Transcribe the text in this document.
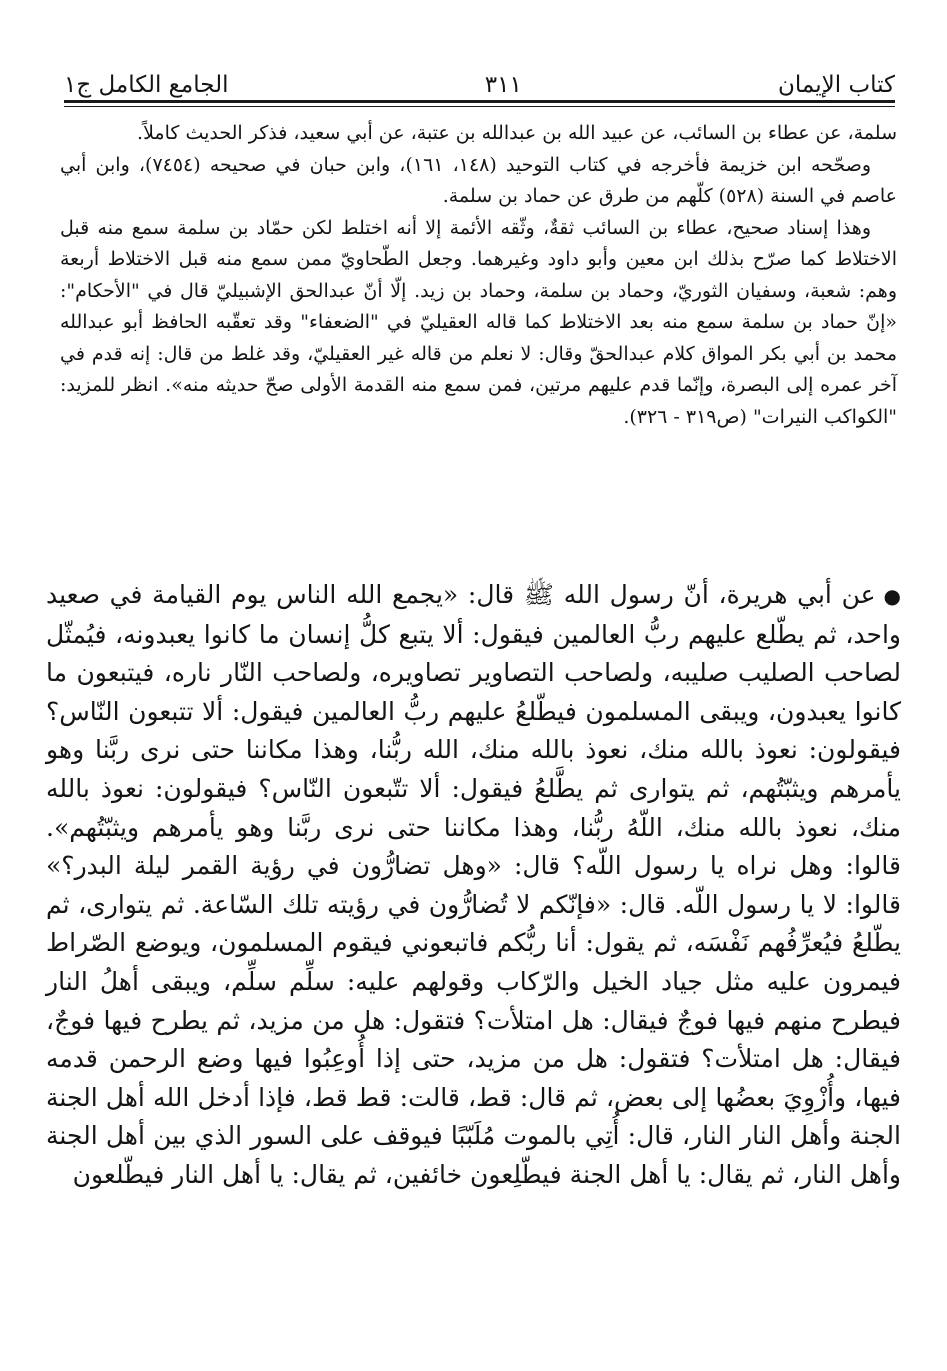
كتاب الإيمان
٣١١
الجامع الكامل ج١

سلمة، عن عطاء بن السائب، عن عبيد الله بن عبدالله بن عتبة، عن أبي سعيد، فذكر الحديث كاملاً.

وصحّحه ابن خزيمة فأخرجه في كتاب التوحيد (١٤٨، ١٦١)، وابن حبان في صحيحه (٧٤٥٤)، وابن أبي عاصم في السنة (٥٢٨) كلّهم من طرق عن حماد بن سلمة.

وهذا إسناد صحيح، عطاء بن السائب ثقةٌ، وثّقه الأئمة إلا أنه اختلط لكن حمّاد بن سلمة سمع منه قبل الاختلاط كما صرّح بذلك ابن معين وأبو داود وغيرهما. وجعل الطّحاويّ ممن سمع منه قبل الاختلاط أربعة وهم: شعبة، وسفيان الثوريّ، وحماد بن سلمة، وحماد بن زيد. إلّا أنّ عبدالحق الإشبيليّ قال في "الأحكام": «إنّ حماد بن سلمة سمع منه بعد الاختلاط كما قاله العقيليّ في "الضعفاء" وقد تعقّبه الحافظ أبو عبدالله محمد بن أبي بكر المواق كلام عبدالحقّ وقال: لا نعلم من قاله غير العقيليّ، وقد غلط من قال: إنه قدم في آخر عمره إلى البصرة، وإنّما قدم عليهم مرتين، فمن سمع منه القدمة الأولى صحّ حديثه منه». انظر للمزيد: "الكواكب النيرات" (ص٣١٩ - ٣٢٦).

●عن أبي هريرة، أنّ رسول الله ﷺ قال: «يجمع الله الناس يوم القيامة في صعيد واحد، ثم يطّلع عليهم ربُّ العالمين فيقول: ألا يتبع كلُّ إنسان ما كانوا يعبدونه، فيُمثّل لصاحب الصليب صليبه، ولصاحب التصاوير تصاويره، ولصاحب النّار ناره، فيتبعون ما كانوا يعبدون، ويبقى المسلمون فيطّلعُ عليهم ربُّ العالمين فيقول: ألا تتبعون النّاس؟ فيقولون: نعوذ بالله منك، نعوذ بالله منك، الله ربُّنا، وهذا مكاننا حتى نرى ربَّنا وهو يأمرهم ويثبّتُهم، ثم يتوارى ثم يطَّلعُ فيقول: ألا تتّبعون النّاس؟ فيقولون: نعوذ بالله منك، نعوذ بالله منك، اللّهُ ربُّنا، وهذا مكاننا حتى نرى ربَّنا وهو يأمرهم ويثبّتُهم». قالوا: وهل نراه يا رسول اللّه؟ قال: «وهل تضارُّون في رؤية القمر ليلة البدر؟» قالوا: لا يا رسول اللّه. قال: «فإنّكم لا تُضارُّون في رؤيته تلك السّاعة. ثم يتوارى، ثم يطّلعُ فيُعرِّفُهم نَفْسَه، ثم يقول: أنا ربُّكم فاتبعوني فيقوم المسلمون، ويوضع الصّراط فيمرون عليه مثل جياد الخيل والرّكاب وقولهم عليه: سلِّم سلِّم، ويبقى أهلُ النار فيطرح منهم فيها فوجٌ فيقال: هل امتلأت؟ فتقول: هل من مزيد، ثم يطرح فيها فوجٌ، فيقال: هل امتلأت؟ فتقول: هل من مزيد، حتى إذا أُوعِبُوا فيها وضع الرحمن قدمه فيها، وأُزْوِيَ بعضُها إلى بعض، ثم قال: قط، قالت: قط قط، فإذا أدخل الله أهل الجنة الجنة وأهل النار النار، قال: أُتِي بالموت مُلَبّبًا فيوقف على السور الذي بين أهل الجنة وأهل النار، ثم يقال: يا أهل الجنة فيطّلِعون خائفين، ثم يقال: يا أهل النار فيطّلعون
